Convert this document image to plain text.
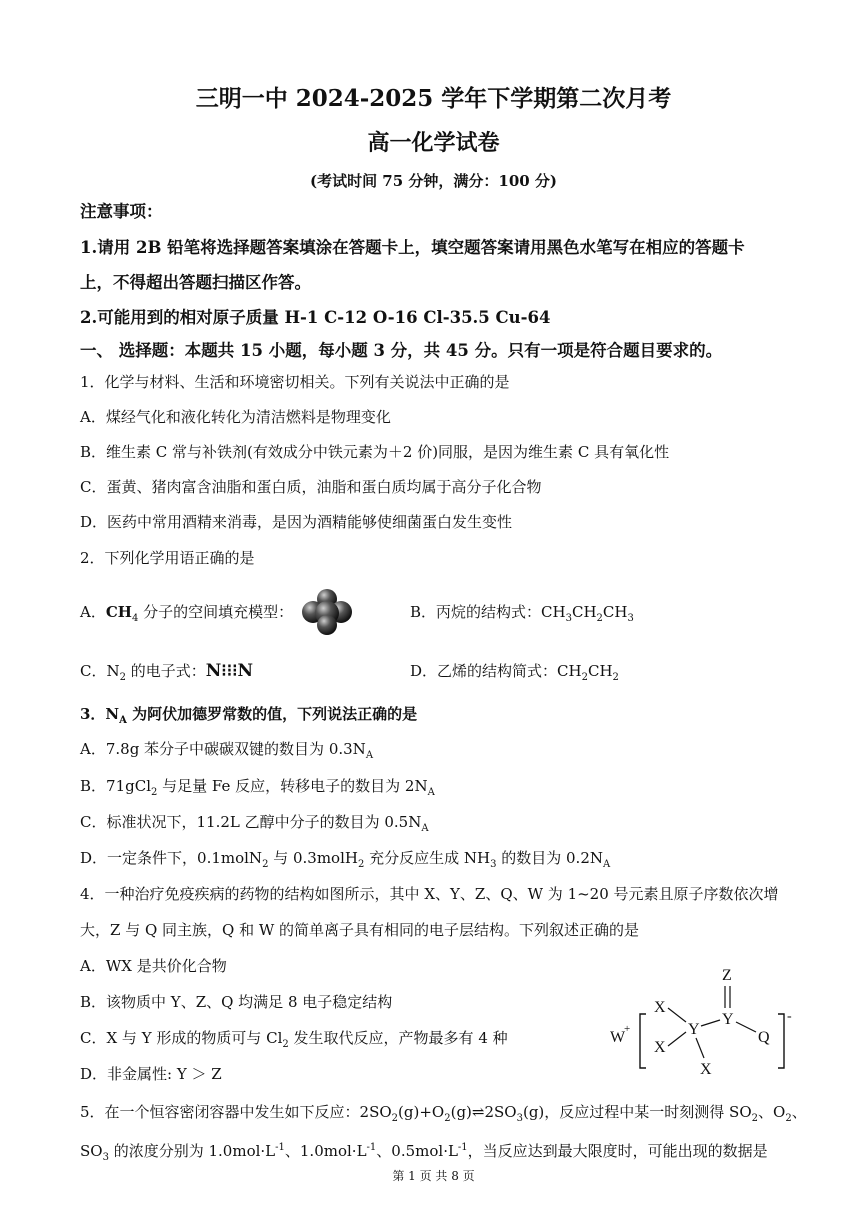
三明一中 2024-2025 学年下学期第二次月考
高一化学试卷
(考试时间 75 分钟，满分：100 分)
注意事项：
1.请用 2B 铅笔将选择题答案填涂在答题卡上，填空题答案请用黑色水笔写在相应的答题卡
上，不得超出答题扫描区作答。
2.可能用到的相对原子质量 H-1 C-12 O-16 Cl-35.5 Cu-64
一、 选择题：本题共 15 小题，每小题 3 分，共 45 分。只有一项是符合题目要求的。
1．化学与材料、生活和环境密切相关。下列有关说法中正确的是
A．煤经气化和液化转化为清洁燃料是物理变化
B．维生素 C 常与补铁剂(有效成分中铁元素为＋2 价)同服，是因为维生素 C 具有氧化性
C．蛋黄、猪肉富含油脂和蛋白质，油脂和蛋白质均属于高分子化合物
D．医药中常用酒精来消毒，是因为酒精能够使细菌蛋白发生变性
2．下列化学用语正确的是
A．$CH_4$ 分子的空间填充模型：	B．丙烷的结构式：$CH_3CH_2CH_3$
C．$N_2$ 的电子式：N⁝⁝⁝N	D．乙烯的结构简式：$CH_2CH_2$
3．$N_A$ 为阿伏加德罗常数的值，下列说法正确的是
A．7.8g 苯分子中碳碳双键的数目为 $0.3N_A$
B．71gCl$_2$ 与足量 Fe 反应，转移电子的数目为 $2N_A$
C．标准状况下，11.2L 乙醇中分子的数目为 $0.5N_A$
D．一定条件下，0.1molN$_2$ 与 0.3molH$_2$ 充分反应生成 $NH_3$ 的数目为 $0.2N_A$
4．一种治疗免疫疾病的药物的结构如图所示，其中 X、Y、Z、Q、W 为 1~20 号元素且原子序数依次增
大，Z 与 Q 同主族，Q 和 W 的简单离子具有相同的电子层结构。下列叙述正确的是
A．WX 是共价化合物
B．该物质中 Y、Z、Q 均满足 8 电子稳定结构
C．X 与 Y 形成的物质可与 $Cl_2$ 发生取代反应，产物最多有 4 种
D．非金属性: Y ＞ Z
W
+
X
X
Y
Y
Z
Q
X
-
5．在一个恒容密闭容器中发生如下反应：$2SO_2(g)+O_2(g)\rightleftharpoons 2SO_3(g)$，反应过程中某一时刻测得 $SO_2$、$O_2$、
$SO_3$ 的浓度分别为 $1.0mol\cdot L^{-1}$、$1.0mol\cdot L^{-1}$、$0.5mol\cdot L^{-1}$，当反应达到最大限度时，可能出现的数据是
第 1 页 共 8 页
